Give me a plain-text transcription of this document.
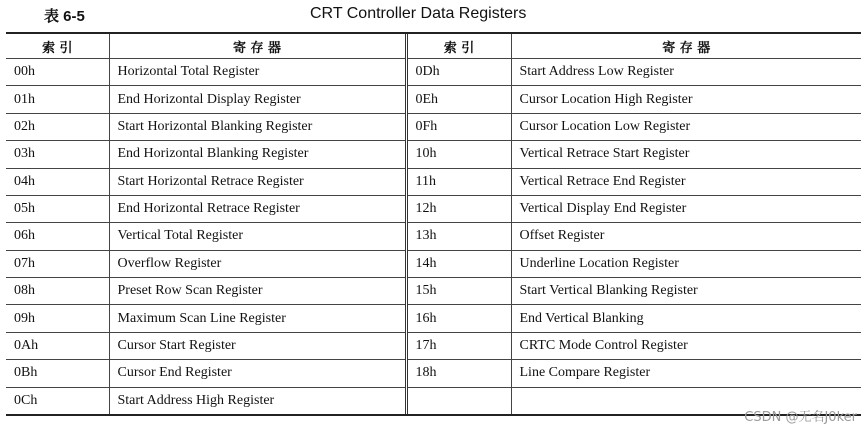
表 6-5	CRT Controller Data Registers
索 引	寄 存 器	索 引	寄 存 器
00h	Horizontal Total Register	0Dh	Start Address Low Register
01h	End Horizontal Display Register	0Eh	Cursor Location High Register
02h	Start Horizontal Blanking Register	0Fh	Cursor Location Low Register
03h	End Horizontal Blanking Register	10h	Vertical Retrace Start Register
04h	Start Horizontal Retrace Register	11h	Vertical Retrace End Register
05h	End Horizontal Retrace Register	12h	Vertical Display End Register
06h	Vertical Total Register	13h	Offset Register
07h	Overflow Register	14h	Underline Location Register
08h	Preset Row Scan Register	15h	Start Vertical Blanking Register
09h	Maximum Scan Line Register	16h	End Vertical Blanking
0Ah	Cursor Start Register	17h	CRTC Mode Control Register
0Bh	Cursor End Register	18h	Line Compare Register
0Ch	Start Address High Register		
CSDN @无名J0ker
